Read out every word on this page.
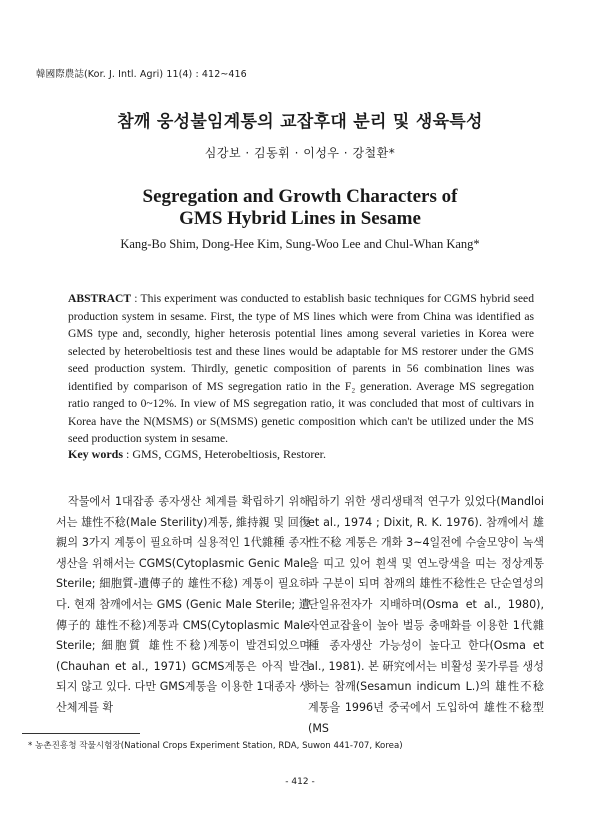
韓國際農誌(Kor. J. Intl. Agri) 11(4) : 412~416
참깨 웅성불임계통의 교잡후대 분리 및 생육특성
심강보 · 김동휘 · 이성우 · 강철환*
Segregation and Growth Characters of
GMS Hybrid Lines in Sesame
Kang-Bo Shim, Dong-Hee Kim, Sung-Woo Lee and Chul-Whan Kang*
ABSTRACT : This experiment was conducted to establish basic techniques for CGMS hybrid seed production system in sesame. First, the type of MS lines which were from China was identified as GMS type and, secondly, higher heterosis potential lines among several varieties in Korea were selected by heterobeltiosis test and these lines would be adaptable for MS restorer under the GMS seed production system. Thirdly, genetic composition of parents in 56 combination lines was identified by comparison of MS segregation ratio in the F₂ generation. Average MS segregation ratio ranged to 0~12%. In view of MS segregation ratio, it was concluded that most of cultivars in Korea have the N(MSMS) or S(MSMS) genetic composition which can't be utilized under the MS seed production system in sesame.
Key words : GMS, CGMS, Heterobeltiosis, Restorer.
작물에서 1대잡종 종자생산 체계를 확립하기 위해서는 雄性不稔(Male Sterility)계통, 維持親 및 回復親의 3가지 계통이 필요하며 실용적인 1代雜種 종자생산을 위해서는 CGMS(Cytoplasmic Genic Male Sterile; 細胞質-遺傳子的 雄性不稔) 계통이 필요하다. 현재 참깨에서는 GMS (Genic Male Sterile; 遺傳子的 雄性不稔)계통과 CMS(Cytoplasmic Male Sterile; 細胞質 雄性不稔)계통이 발견되었으며(Chauhan et al., 1971) GCMS계통은 아직 발견되지 않고 있다. 다만 GMS계통을 이용한 1대종자 생산체계를 확
립하기 위한 생리생태적 연구가 있었다(Mandloi et al., 1974 ; Dixit, R. K. 1976). 참깨에서 雄性不稔 계통은 개화 3~4일전에 수술모양이 녹색을 띠고 있어 흰색 및 연노랑색을 띠는 정상계통과 구분이 되며 참깨의 雄性不稔性은 단순열성의 단일유전자가 지배하며(Osma et al., 1980), 자연교잡율이 높아 벌등 충매화를 이용한 1代雜種 종자생산 가능성이 높다고 한다(Osma et al., 1981). 본 硏究에서는 비활성 꽃가루를 생성하는 참깨(Sesamun indicum L.)의 雄性不稔계통을 1996년 중국에서 도입하여 雄性不稔型(MS
* 농촌진흥청 작물시험장(National Crops Experiment Station, RDA, Suwon 441-707, Korea)
- 412 -
